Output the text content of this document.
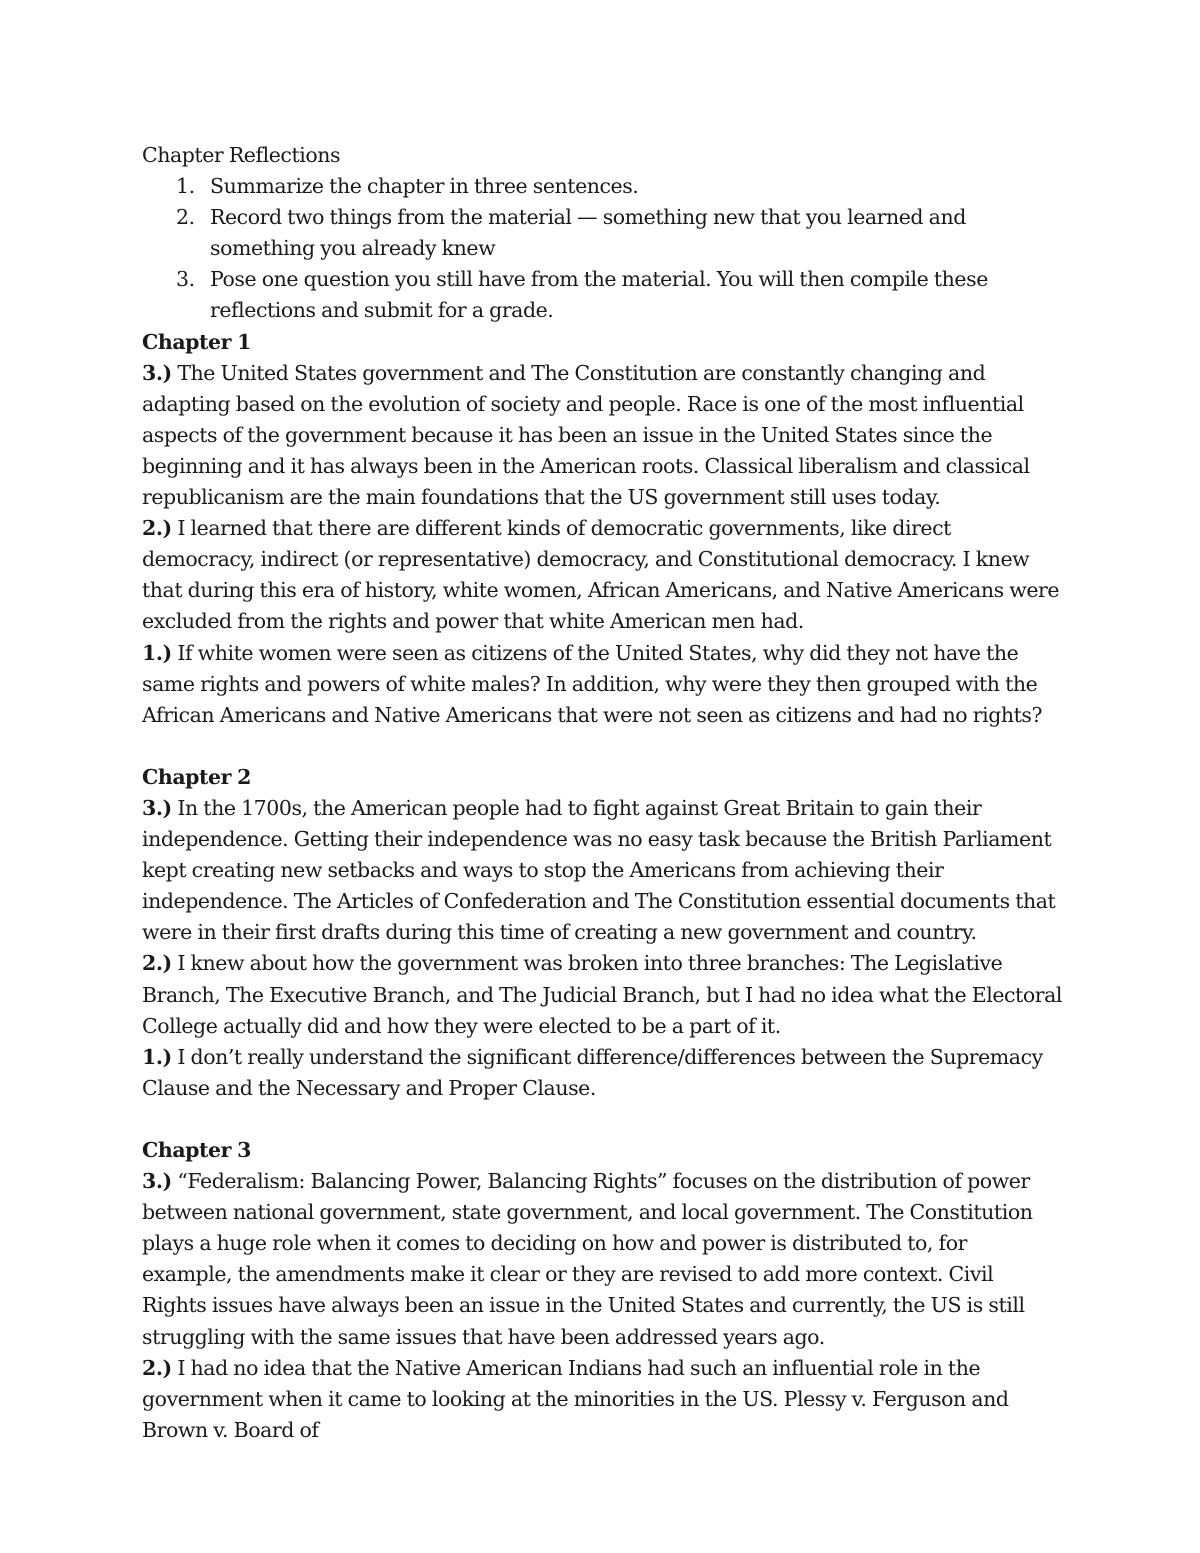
Chapter Reflections

1. Summarize the chapter in three sentences.
2. Record two things from the material — something new that you learned and something you already knew
3. Pose one question you still have from the material. You will then compile these reflections and submit for a grade.

Chapter 1

3.) The United States government and The Constitution are constantly changing and adapting based on the evolution of society and people. Race is one of the most influential aspects of the government because it has been an issue in the United States since the beginning and it has always been in the American roots. Classical liberalism and classical republicanism are the main foundations that the US government still uses today.

2.) I learned that there are different kinds of democratic governments, like direct democracy, indirect (or representative) democracy, and Constitutional democracy. I knew that during this era of history, white women, African Americans, and Native Americans were excluded from the rights and power that white American men had.

1.) If white women were seen as citizens of the United States, why did they not have the same rights and powers of white males? In addition, why were they then grouped with the African Americans and Native Americans that were not seen as citizens and had no rights?

Chapter 2

3.) In the 1700s, the American people had to fight against Great Britain to gain their independence. Getting their independence was no easy task because the British Parliament kept creating new setbacks and ways to stop the Americans from achieving their independence. The Articles of Confederation and The Constitution essential documents that were in their first drafts during this time of creating a new government and country.

2.) I knew about how the government was broken into three branches: The Legislative Branch, The Executive Branch, and The Judicial Branch, but I had no idea what the Electoral College actually did and how they were elected to be a part of it.

1.) I don’t really understand the significant difference/differences between the Supremacy Clause and the Necessary and Proper Clause.

Chapter 3

3.) “Federalism: Balancing Power, Balancing Rights” focuses on the distribution of power between national government, state government, and local government. The Constitution plays a huge role when it comes to deciding on how and power is distributed to, for example, the amendments make it clear or they are revised to add more context. Civil Rights issues have always been an issue in the United States and currently, the US is still struggling with the same issues that have been addressed years ago.

2.) I had no idea that the Native American Indians had such an influential role in the government when it came to looking at the minorities in the US. Plessy v. Ferguson and Brown v. Board of
